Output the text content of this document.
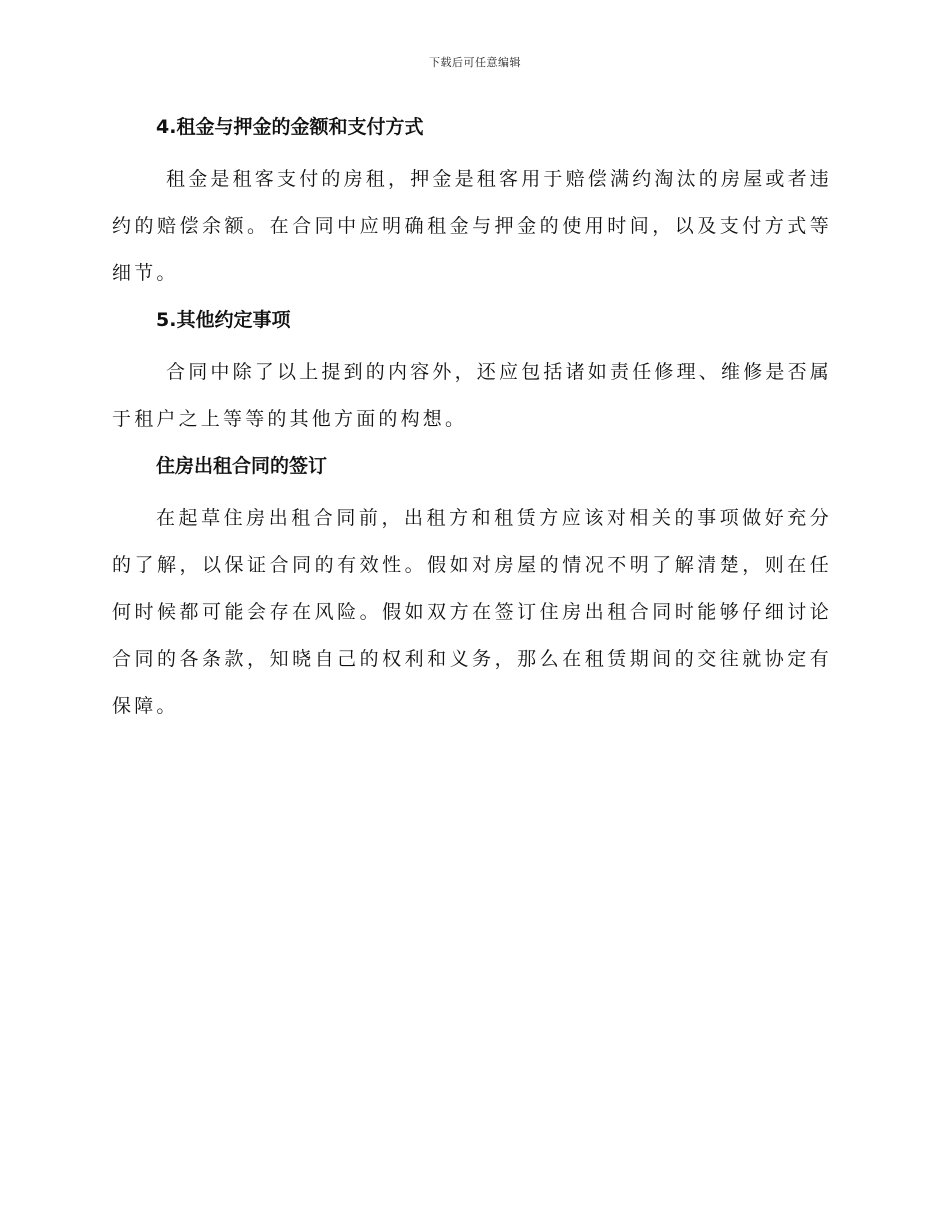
下载后可任意编辑
4.租金与押金的金额和支付方式

租金是租客支付的房租，押金是租客用于赔偿满约淘汰的房屋或者违约的赔偿余额。在合同中应明确租金与押金的使用时间，以及支付方式等细节。

5.其他约定事项

合同中除了以上提到的内容外，还应包括诸如责任修理、维修是否属于租户之上等等的其他方面的构想。

住房出租合同的签订

在起草住房出租合同前，出租方和租赁方应该对相关的事项做好充分的了解，以保证合同的有效性。假如对房屋的情况不明了解清楚，则在任何时候都可能会存在风险。假如双方在签订住房出租合同时能够仔细讨论合同的各条款，知晓自己的权利和义务，那么在租赁期间的交往就协定有保障。
